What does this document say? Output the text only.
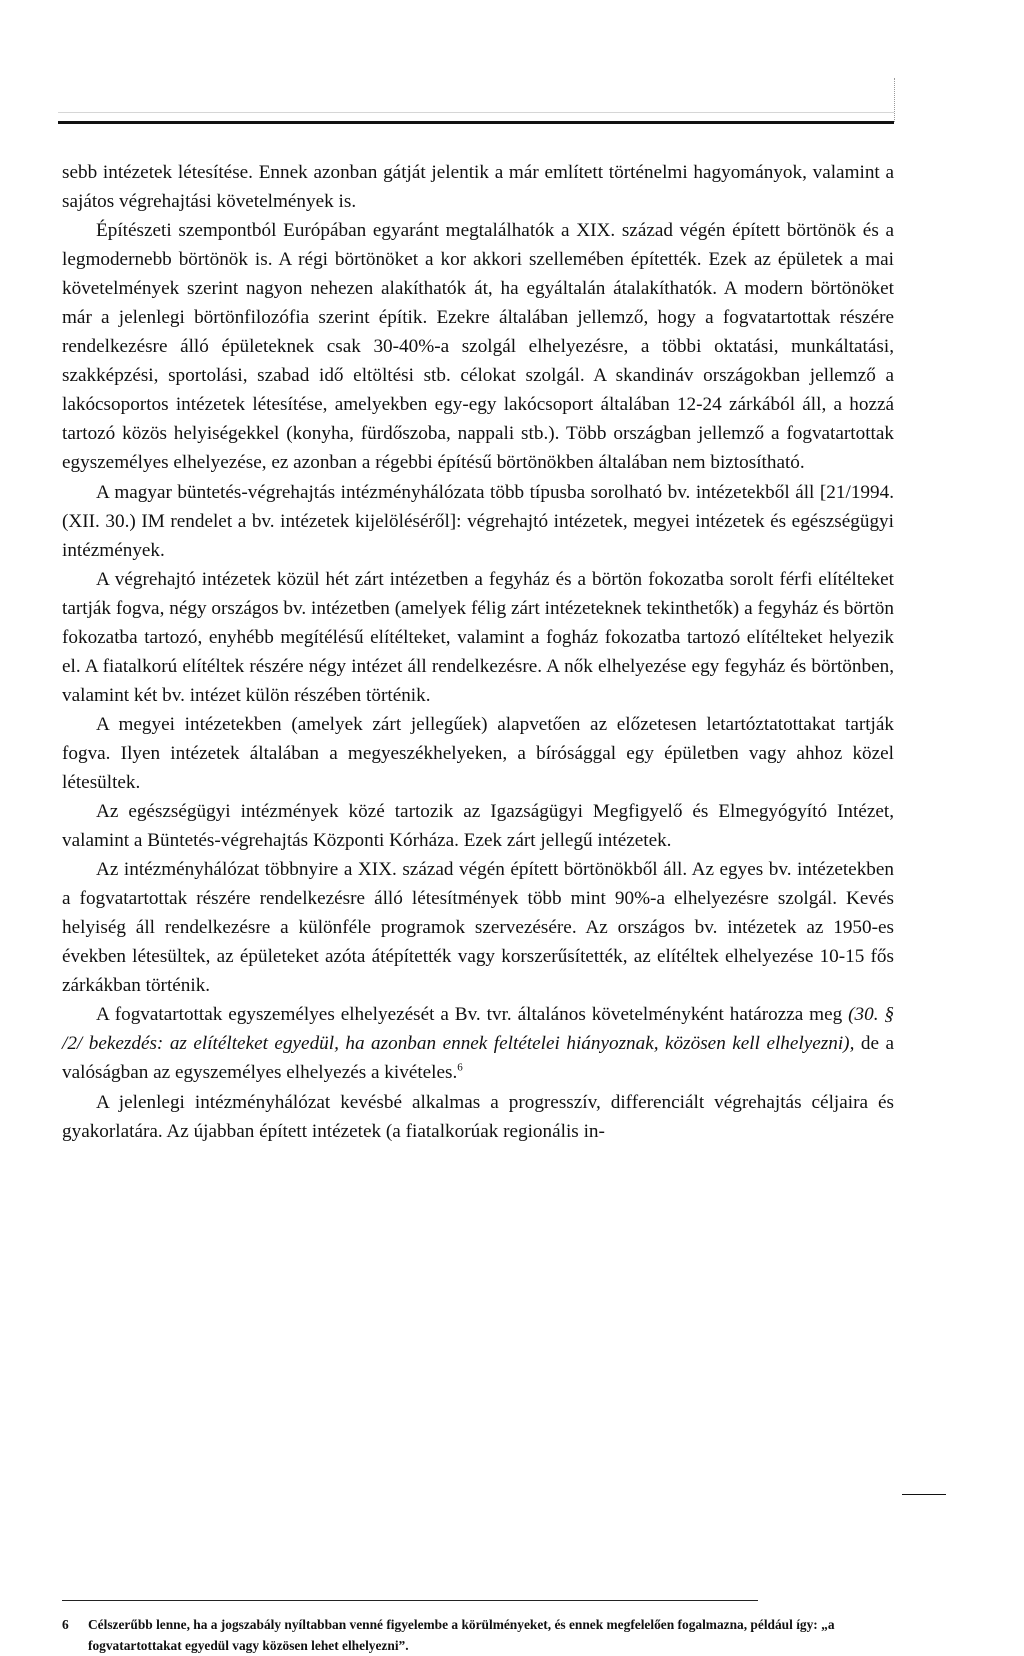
sebb intézetek létesítése. Ennek azonban gátját jelentik a már említett történelmi hagyományok, valamint a sajátos végrehajtási követelmények is.

Építészeti szempontból Európában egyaránt megtalálhatók a XIX. század végén épített börtönök és a legmodernebb börtönök is. A régi börtönöket a kor akkori szellemében építették. Ezek az épületek a mai követelmények szerint nagyon nehezen alakíthatók át, ha egyáltalán átalakíthatók. A modern börtönöket már a jelenlegi börtönfilozófia szerint építik. Ezekre általában jellemző, hogy a fogvatartottak részére rendelkezésre álló épületeknek csak 30-40%-a szolgál elhelyezésre, a többi oktatási, munkáltatási, szakképzési, sportolási, szabad idő eltöltési stb. célokat szolgál. A skandináv országokban jellemző a lakócsoportos intézetek létesítése, amelyekben egy-egy lakócsoport általában 12-24 zárkából áll, a hozzá tartozó közös helyiségekkel (konyha, fürdőszoba, nappali stb.). Több országban jellemző a fogvatartottak egyszemélyes elhelyezése, ez azonban a régebbi építésű börtönökben általában nem biztosítható.

A magyar büntetés-végrehajtás intézményhálózata több típusba sorolható bv. intézetekből áll [21/1994. (XII. 30.) IM rendelet a bv. intézetek kijelöléséről]: végrehajtó intézetek, megyei intézetek és egészségügyi intézmények.

A végrehajtó intézetek közül hét zárt intézetben a fegyház és a börtön fokozatba sorolt férfi elítélteket tartják fogva, négy országos bv. intézetben (amelyek félig zárt intézeteknek tekinthetők) a fegyház és börtön fokozatba tartozó, enyhébb megítélésű elítélteket, valamint a fogház fokozatba tartozó elítélteket helyezik el. A fiatalkorú elítéltek részére négy intézet áll rendelkezésre. A nők elhelyezése egy fegyház és börtönben, valamint két bv. intézet külön részében történik.

A megyei intézetekben (amelyek zárt jellegűek) alapvetően az előzetesen letartóztatottakat tartják fogva. Ilyen intézetek általában a megyeszékhelyeken, a bírósággal egy épületben vagy ahhoz közel létesültek.

Az egészségügyi intézmények közé tartozik az Igazságügyi Megfigyelő és Elmegyógyító Intézet, valamint a Büntetés-végrehajtás Központi Kórháza. Ezek zárt jellegű intézetek.

Az intézményhálózat többnyire a XIX. század végén épített börtönökből áll. Az egyes bv. intézetekben a fogvatartottak részére rendelkezésre álló létesítmények több mint 90%-a elhelyezésre szolgál. Kevés helyiség áll rendelkezésre a különféle programok szervezésére. Az országos bv. intézetek az 1950-es években létesültek, az épületeket azóta átépítették vagy korszerűsítették, az elítéltek elhelyezése 10-15 fős zárkákban történik.

A fogvatartottak egyszemélyes elhelyezését a Bv. tvr. általános követelményként határozza meg (30. § /2/ bekezdés: az elítélteket egyedül, ha azonban ennek feltételei hiányoznak, közösen kell elhelyezni), de a valóságban az egyszemélyes elhelyezés a kivételes.$^6$

A jelenlegi intézményhálózat kevésbé alkalmas a progresszív, differenciált végrehajtás céljaira és gyakorlatára. Az újabban épített intézetek (a fiatalkorúak regionális in-

6 Célszerűbb lenne, ha a jogszabály nyíltabban venné figyelembe a körülményeket, és ennek megfelelően fogalmazna, például így: „a fogvatartottakat egyedül vagy közösen lehet elhelyezni”.
